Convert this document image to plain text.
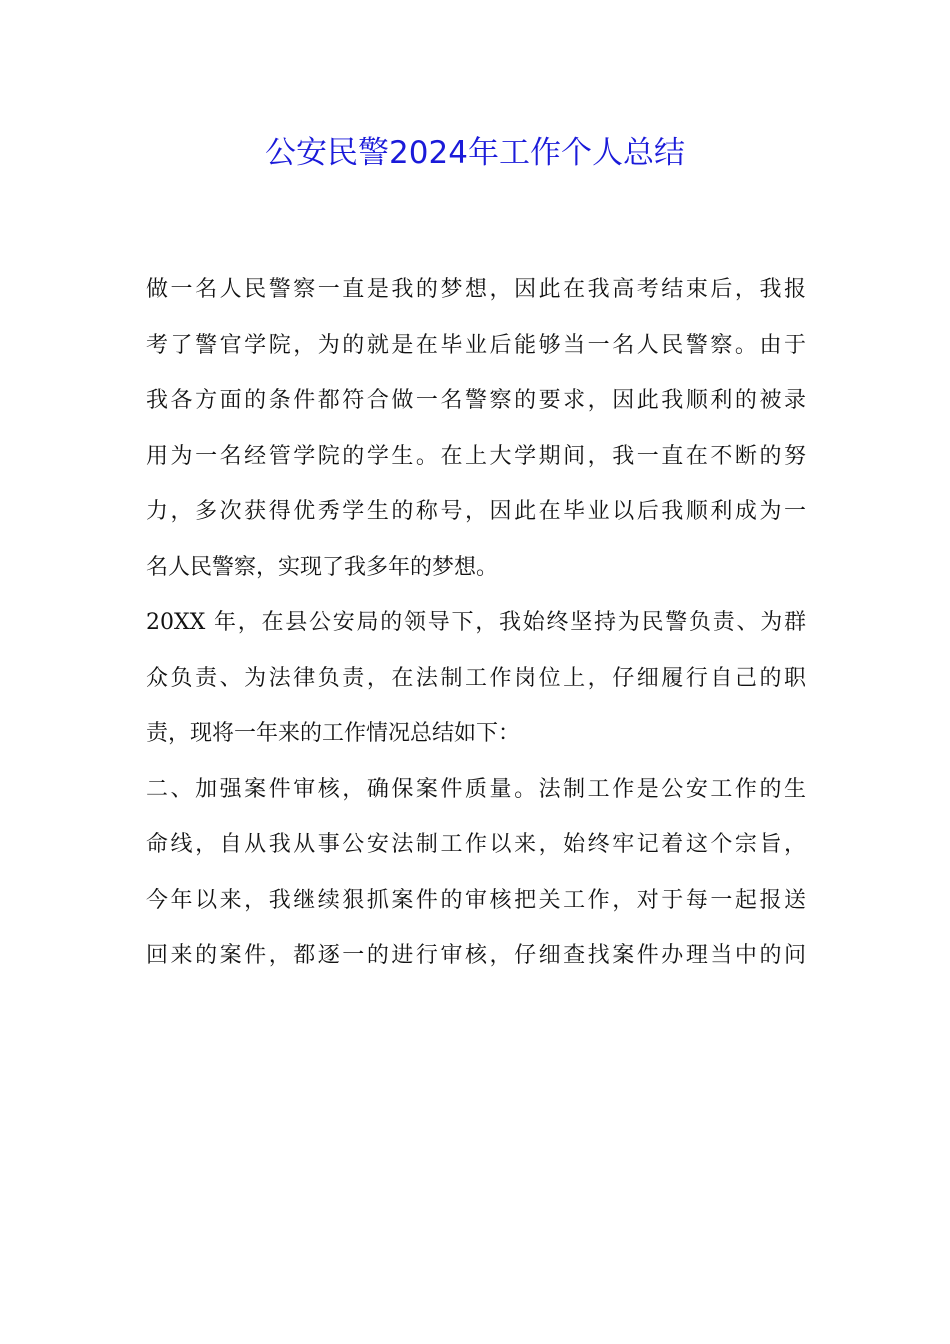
公安民警2024年工作个人总结
做一名人民警察一直是我的梦想，因此在我高考结束后，我报
考了警官学院，为的就是在毕业后能够当一名人民警察。由于
我各方面的条件都符合做一名警察的要求，因此我顺利的被录
用为一名经管学院的学生。在上大学期间，我一直在不断的努
力，多次获得优秀学生的称号，因此在毕业以后我顺利成为一
名人民警察，实现了我多年的梦想。
20XX 年，在县公安局的领导下，我始终坚持为民警负责、为群
众负责、为法律负责，在法制工作岗位上，仔细履行自己的职
责，现将一年来的工作情况总结如下：
二、加强案件审核，确保案件质量。法制工作是公安工作的生
命线，自从我从事公安法制工作以来，始终牢记着这个宗旨，
今年以来，我继续狠抓案件的审核把关工作，对于每一起报送
回来的案件，都逐一的进行审核，仔细查找案件办理当中的问
